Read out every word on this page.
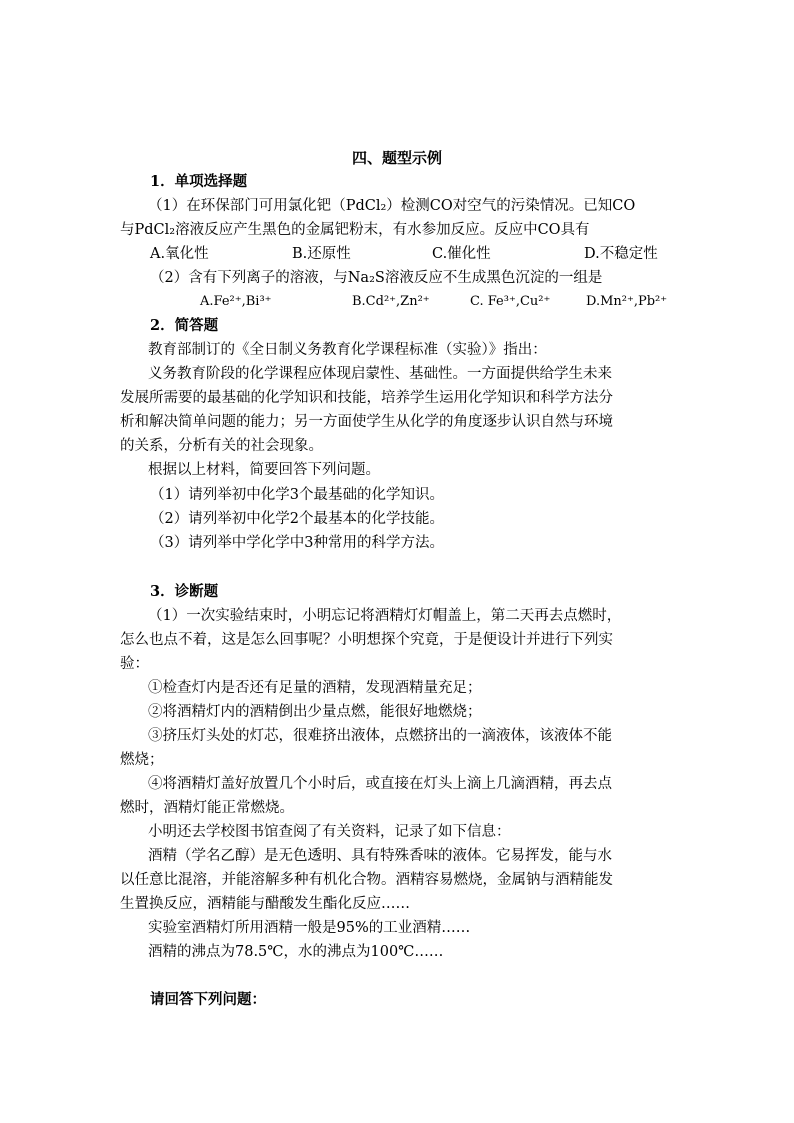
四、题型示例
1．单项选择题
（1）在环保部门可用氯化钯（PdCl₂）检测CO对空气的污染情况。已知CO
与PdCl₂溶液反应产生黑色的金属钯粉末，有水参加反应。反应中CO具有
A.氧化性	B.还原性	C.催化性	D.不稳定性
（2）含有下列离子的溶液，与Na₂S溶液反应不生成黑色沉淀的一组是
A.Fe²⁺,Bi³⁺	B.Cd²⁺,Zn²⁺	C. Fe³⁺,Cu²⁺	D.Mn²⁺,Pb²⁺
2．简答题
教育部制订的《全日制义务教育化学课程标准（实验）》指出：
义务教育阶段的化学课程应体现启蒙性、基础性。一方面提供给学生未来
发展所需要的最基础的化学知识和技能，培养学生运用化学知识和科学方法分
析和解决简单问题的能力；另一方面使学生从化学的角度逐步认识自然与环境
的关系，分析有关的社会现象。
根据以上材料，简要回答下列问题。
（1）请列举初中化学3个最基础的化学知识。
（2）请列举初中化学2个最基本的化学技能。
（3）请列举中学化学中3种常用的科学方法。
3．诊断题
（1）一次实验结束时，小明忘记将酒精灯灯帽盖上，第二天再去点燃时，
怎么也点不着，这是怎么回事呢？小明想探个究竟，于是便设计并进行下列实
验：
①检查灯内是否还有足量的酒精，发现酒精量充足；
②将酒精灯内的酒精倒出少量点燃，能很好地燃烧；
③挤压灯头处的灯芯，很难挤出液体，点燃挤出的一滴液体，该液体不能
燃烧；
④将酒精灯盖好放置几个小时后，或直接在灯头上滴上几滴酒精，再去点
燃时，酒精灯能正常燃烧。
小明还去学校图书馆查阅了有关资料，记录了如下信息：
酒精（学名乙醇）是无色透明、具有特殊香味的液体。它易挥发，能与水
以任意比混溶，并能溶解多种有机化合物。酒精容易燃烧，金属钠与酒精能发
生置换反应，酒精能与醋酸发生酯化反应……
实验室酒精灯所用酒精一般是95%的工业酒精……
酒精的沸点为78.5℃，水的沸点为100℃……
请回答下列问题：
